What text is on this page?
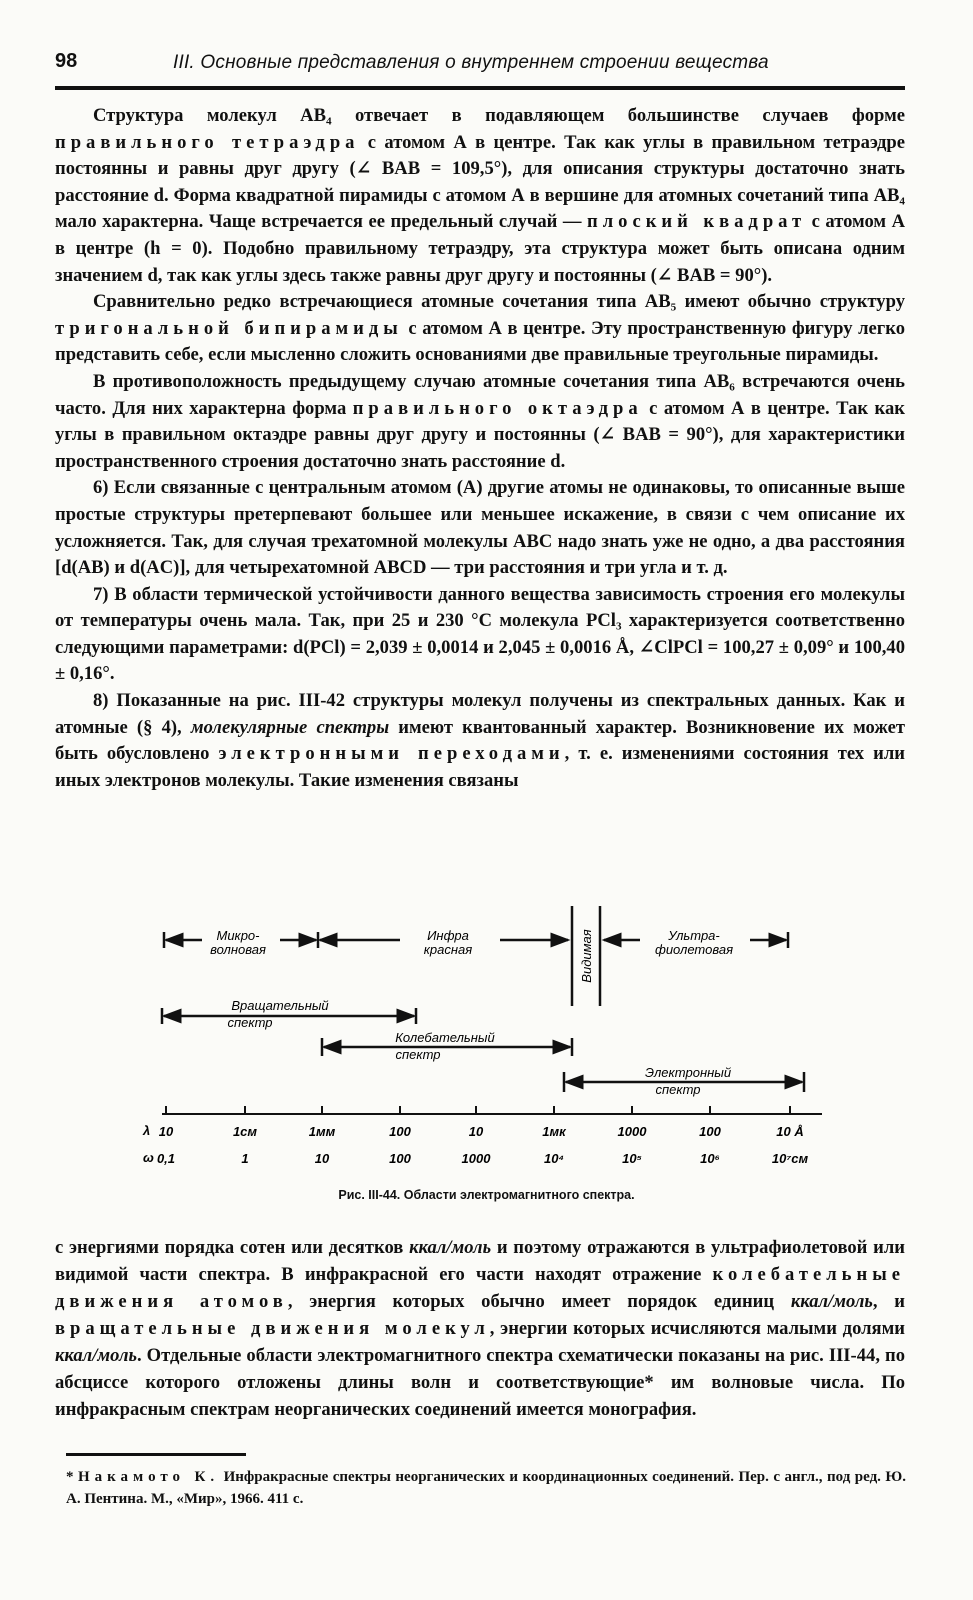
98	III. Основные представления о внутреннем строении вещества

Структура молекул АВ₄ отвечает в подавляющем большинстве случаев форме правильного тетраэдра с атомом А в центре. Так как углы в правильном тетраэдре постоянны и равны друг другу (∠ BAB = 109,5°), для описания структуры достаточно знать расстояние d. Форма квадратной пирамиды с атомом А в вершине для атомных сочетаний типа АВ₄ мало характерна. Чаще встречается ее предельный случай — плоский квадрат с атомом А в центре (h = 0). Подобно правильному тетраэдру, эта структура может быть описана одним значением d, так как углы здесь также равны друг другу и постоянны (∠ BAB = 90°).

Сравнительно редко встречающиеся атомные сочетания типа АВ₅ имеют обычно структуру тригональной бипирамиды с атомом А в центре. Эту пространственную фигуру легко представить себе, если мысленно сложить основаниями две правильные треугольные пирамиды.

В противоположность предыдущему случаю атомные сочетания типа АВ₆ встречаются очень часто. Для них характерна форма правильного октаэдра с атомом А в центре. Так как углы в правильном октаэдре равны друг другу и постоянны (∠ BAB = 90°), для характеристики пространственного строения достаточно знать расстояние d.

6) Если связанные с центральным атомом (А) другие атомы не одинаковы, то описанные выше простые структуры претерпевают большее или меньшее искажение, в связи с чем описание их усложняется. Так, для случая трехатомной молекулы ABC надо знать уже не одно, а два расстояния [d(AB) и d(AC)], для четырехатомной ABCD — три расстояния и три угла и т. д.

7) В области термической устойчивости данного вещества зависимость строения его молекулы от температуры очень мала. Так, при 25 и 230 °С молекула PCl₃ характеризуется соответственно следующими параметрами: d(PCl) = 2,039 ± 0,0014 и 2,045 ± 0,0016 Å, ∠ClPCl = 100,27 ± 0,09° и 100,40 ± 0,16°.

8) Показанные на рис. III-42 структуры молекул получены из спектральных данных. Как и атомные (§ 4), молекулярные спектры имеют квантованный характер. Возникновение их может быть обусловлено электронными переходами, т. е. изменениями состояния тех или иных электронов молекулы. Такие изменения связаны

Микро-
волновая
Инфра
красная	Видимая	Ультра-
фиолетовая
Вращательный
спектр
Колебательный
спектр
Электронный
спектр
λ
ω
10
0,1
1см
1
1мм
10
100
100
10
1000
1мк
10⁴
1000
10⁵
100
10⁶
10 Å
10⁷см
Рис. III-44. Области электромагнитного спектра.

с энергиями порядка сотен или десятков ккал/моль и поэтому отражаются в ультрафиолетовой или видимой части спектра. В инфракрасной его части находят отражение колебательные движения атомов, энергия которых обычно имеет порядок единиц ккал/моль, и вращательные движения молекул, энергии которых исчисляются малыми долями ккал/моль. Отдельные области электромагнитного спектра схематически показаны на рис. III-44, по абсциссе которого отложены длины волн и соответствующие* им волновые числа. По инфракрасным спектрам неорганических соединений имеется монография.

* Накамото К. Инфракрасные спектры неорганических и координационных соединений. Пер. с англ., под ред. Ю. А. Пентина. М., «Мир», 1966. 411 с.
